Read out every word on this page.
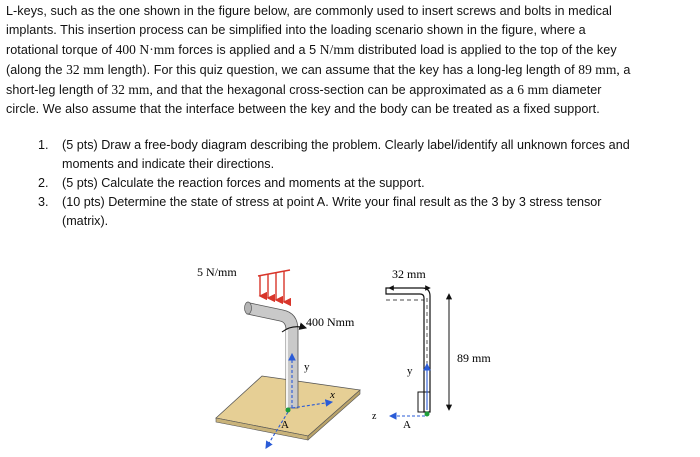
L-keys, such as the one shown in the figure below, are commonly used to insert screws and bolts in medical
implants. This insertion process can be simplified into the loading scenario shown in the figure, where a
rotational torque of 400 N·mm forces is applied and a 5 N/mm distributed load is applied to the top of the key
(along the 32 mm length). For this quiz question, we can assume that the key has a long-leg length of 89 mm, a
short-leg length of 32 mm, and that the hexagonal cross-section can be approximated as a 6 mm diameter
circle. We also assume that the interface between the key and the body can be treated as a fixed support.
1. (5 pts) Draw a free-body diagram describing the problem. Clearly label/identify all unknown forces and
moments and indicate their directions.
2. (5 pts) Calculate the reaction forces and moments at the support.
3. (10 pts) Determine the state of stress at point A. Write your final result as the 3 by 3 stress tensor
(matrix).
5 N/mm
400 Nmm
y
x
A
32 mm
89 mm
y
z
A
